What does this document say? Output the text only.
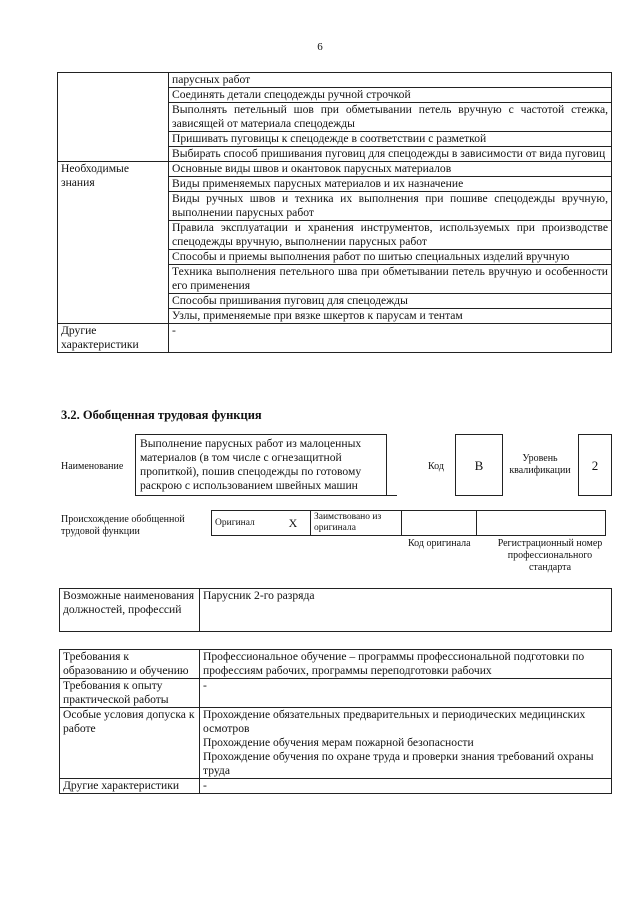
6
	парусных работ
	Соединять детали спецодежды ручной строчкой
	Выполнять петельный шов при обметывании петель вручную с частотой стежка, зависящей от материала спецодежды
	Пришивать пуговицы к спецодежде в соответствии с разметкой
	Выбирать способ пришивания пуговиц для спецодежды в зависимости от вида пуговиц
Необходимые знания	Основные виды швов и окантовок парусных материалов
	Виды применяемых парусных материалов и их назначение
	Виды ручных швов и техника их выполнения при пошиве спецодежды вручную, выполнении парусных работ
	Правила эксплуатации и хранения инструментов, используемых при производстве спецодежды вручную, выполнении парусных работ
	Способы и приемы выполнения работ по шитью специальных изделий вручную
	Техника выполнения петельного шва при обметывании петель вручную и особенности его применения
	Способы пришивания пуговиц для спецодежды
	Узлы, применяемые при вязке шкертов к парусам и тентам
Другие характеристики	-
3.2. Обобщенная трудовая функция
Наименование
Выполнение парусных работ из малоценных материалов (в том числе с огнезащитной пропиткой), пошив спецодежды по готовому раскрою с использованием швейных машин
Код	В	Уровень квалификации	2
Происхождение обобщенной трудовой функции
Оригинал	X	Заимствовано из оригинала		
Код оригинала	Регистрационный номер профессионального стандарта
Возможные наименования должностей, профессий	Парусник 2-го разряда
Требования к образованию и обучению	Профессиональное обучение – программы профессиональной подготовки по профессиям рабочих, программы переподготовки рабочих

Требования к опыту практической работы	-

Особые условия допуска к работе	Прохождение обязательных предварительных и периодических медицинских осмотров
Прохождение обучения мерам пожарной безопасности
Прохождение обучения по охране труда и проверки знания требований охраны труда

Другие характеристики	-
